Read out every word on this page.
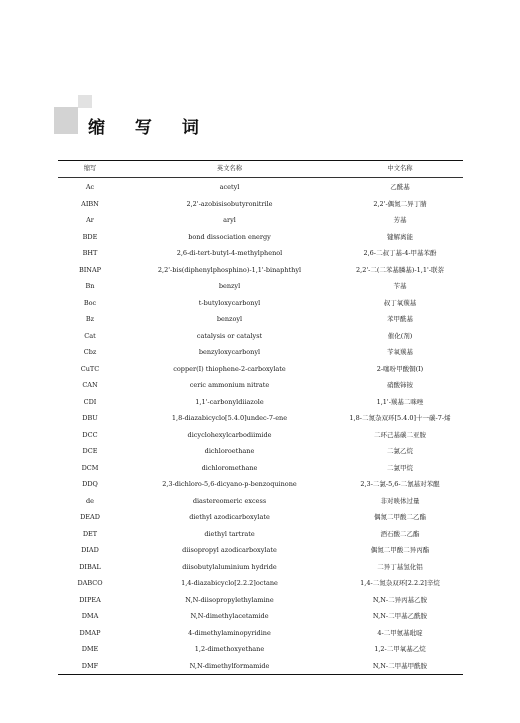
缩 写 词
缩写	英文名称	中文名称
Ac	acetyl	乙酰基
AIBN	2,2'-azobisisobutyronitrile	2,2'-偶氮二异丁腈
Ar	aryl	芳基
BDE	bond dissociation energy	键解离能
BHT	2,6-di-tert-butyl-4-methylphenol	2,6-二叔丁基-4-甲基苯酚
BINAP	2,2'-bis(diphenylphosphino)-1,1'-binaphthyl	2,2'-二(二苯基膦基)-1,1'-联萘
Bn	benzyl	苄基
Boc	t-butyloxycarbonyl	叔丁氧羰基
Bz	benzoyl	苯甲酰基
Cat	catalysis or catalyst	催化(剂)
Cbz	benzyloxycarbonyl	苄氧羰基
CuTC	copper(Ⅰ) thiophene-2-carboxylate	2-噻吩甲酸铜(Ⅰ)
CAN	ceric ammonium nitrate	硝酸铈铵
CDI	1,1'-carbonyldiiazole	1,1'-羰基二咪唑
DBU	1,8-diazabicyclo[5.4.0]undec-7-ene	1,8-二氮杂双环[5.4.0]十一碳-7-烯
DCC	dicyclohexylcarbodiimide	二环己基碳二亚胺
DCE	dichloroethane	二氯乙烷
DCM	dichloromethane	二氯甲烷
DDQ	2,3-dichloro-5,6-dicyano-p-benzoquinone	2,3-二氯-5,6-二氰基对苯醌
de	diastereomeric excess	非对映体过量
DEAD	diethyl azodicarboxylate	偶氮二甲酸二乙酯
DET	diethyl tartrate	酒石酸二乙酯
DIAD	diisopropyl azodicarboxylate	偶氮二甲酸二异丙酯
DIBAL	diisobutylaluminium hydride	二异丁基氢化铝
DABCO	1,4-diazabicyclo[2.2.2]octane	1,4-二氮杂双环[2.2.2]辛烷
DIPEA	N,N-diisopropylethylamine	N,N-二异丙基乙胺
DMA	N,N-dimethylacetamide	N,N-二甲基乙酰胺
DMAP	4-dimethylaminopyridine	4-二甲氨基吡啶
DME	1,2-dimethoxyethane	1,2-二甲氧基乙烷
DMF	N,N-dimethylformamide	N,N-二甲基甲酰胺
